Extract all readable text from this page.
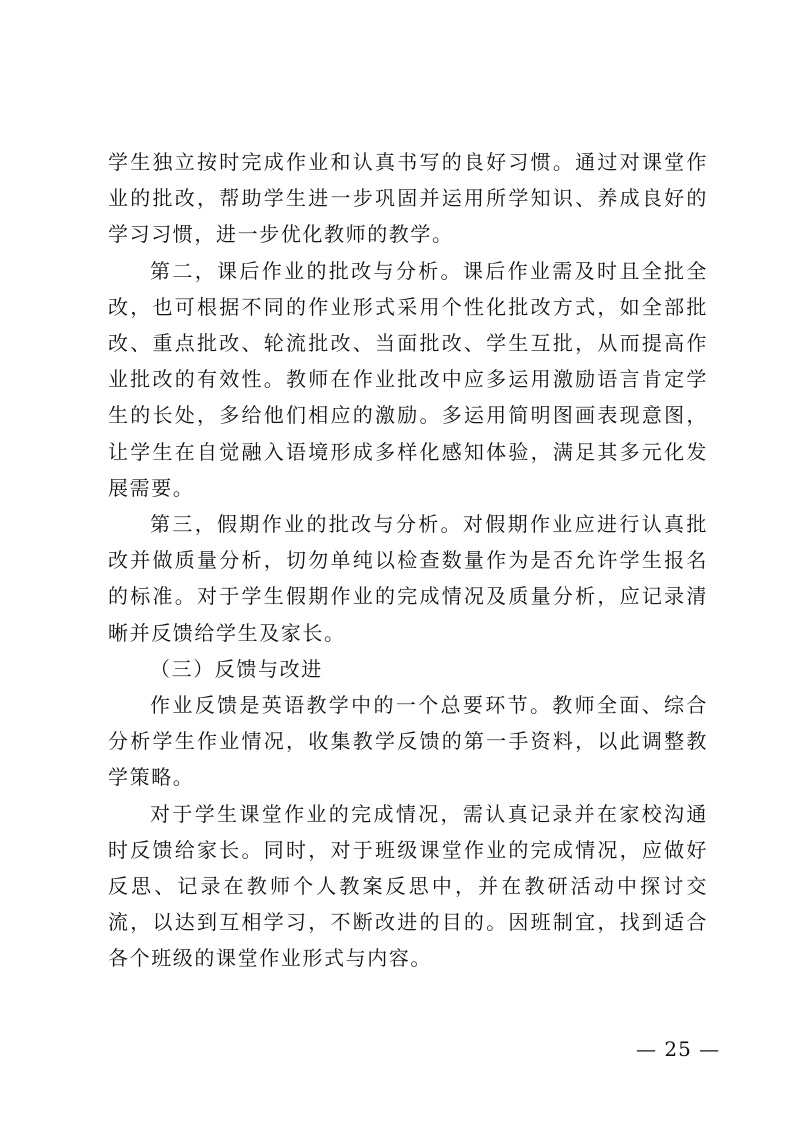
学生独立按时完成作业和认真书写的良好习惯。通过对课堂作业的批改，帮助学生进一步巩固并运用所学知识、养成良好的学习习惯，进一步优化教师的教学。

第二，课后作业的批改与分析。课后作业需及时且全批全改，也可根据不同的作业形式采用个性化批改方式，如全部批改、重点批改、轮流批改、当面批改、学生互批，从而提高作业批改的有效性。教师在作业批改中应多运用激励语言肯定学生的长处，多给他们相应的激励。多运用简明图画表现意图，让学生在自觉融入语境形成多样化感知体验，满足其多元化发展需要。

第三，假期作业的批改与分析。对假期作业应进行认真批改并做质量分析，切勿单纯以检查数量作为是否允许学生报名的标准。对于学生假期作业的完成情况及质量分析，应记录清晰并反馈给学生及家长。

（三）反馈与改进

作业反馈是英语教学中的一个总要环节。教师全面、综合分析学生作业情况，收集教学反馈的第一手资料，以此调整教学策略。

对于学生课堂作业的完成情况，需认真记录并在家校沟通时反馈给家长。同时，对于班级课堂作业的完成情况，应做好反思、记录在教师个人教案反思中，并在教研活动中探讨交流，以达到互相学习，不断改进的目的。因班制宜，找到适合各个班级的课堂作业形式与内容。

— 25 —
